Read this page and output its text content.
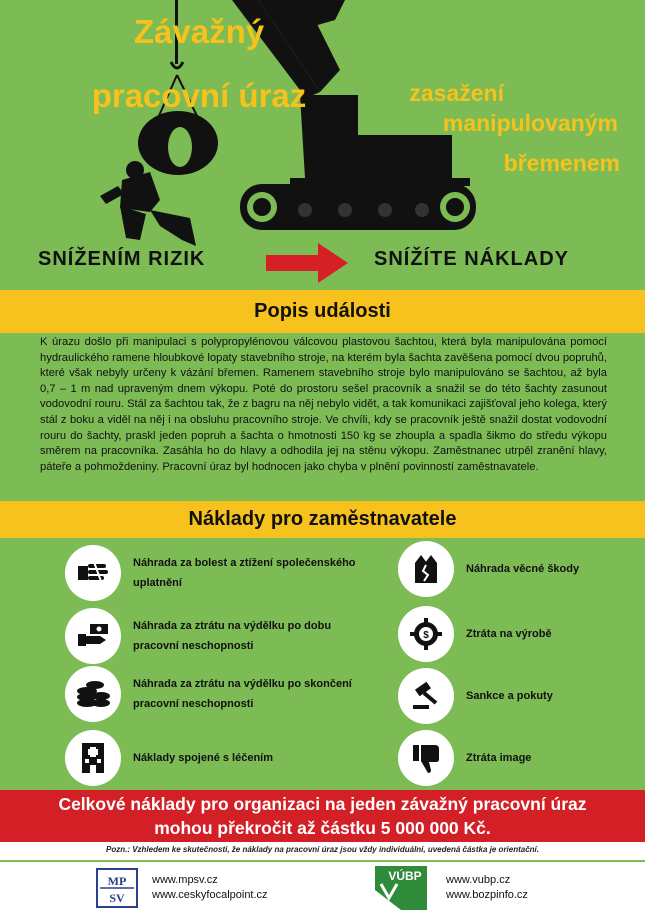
Závažný
pracovní úraz	zasažení
manipulovaným
břemenem
SNÍŽENÍM RIZIK	SNÍŽÍTE NÁKLADY
Popis události
K úrazu došlo při manipulaci s polypropylénovou válcovou plastovou šachtou, která byla manipulována pomocí hydraulického ramene hloubkové lopaty stavebního stroje, na kterém byla šachta zavěšena pomocí dvou popruhů, které však nebyly určeny k vázání břemen. Ramenem stavebního stroje bylo manipulováno se šachtou, až byla 0,7 – 1 m nad upraveným dnem výkopu. Poté do prostoru sešel pracovník a snažil se do této šachty zasunout vodovodní rouru. Stál za šachtou tak, že z bagru na něj nebylo vidět, a tak komunikaci zajišťoval jeho kolega, který stál z boku a viděl na něj i na obsluhu pracovního stroje. Ve chvíli, kdy se pracovník ještě snažil dostat vodovodní rouru do šachty, praskl jeden popruh a šachta o hmotnosti 150 kg se zhoupla a spadla šikmo do středu výkopu směrem na pracovníka. Zasáhla ho do hlavy a odhodila jej na stěnu výkopu. Zaměstnanec utrpěl zranění hlavy, páteře a pohmoždeniny. Pracovní úraz byl hodnocen jako chyba v plnění povinností zaměstnavatele.
Náklady pro zaměstnavatele
Náhrada za bolest a ztížení společenského
uplatnění
Náhrada za ztrátu na výdělku po dobu
pracovní neschopnosti
Náhrada za ztrátu na výdělku po skončení
pracovní neschopnosti
Náklady spojené s léčením
Náhrada věcné škody
$	Ztráta na výrobě
Sankce a pokuty
Ztráta image
Celkové náklady pro organizaci na jeden závažný pracovní úraz
mohou překročit až částku 5 000 000 Kč.
Pozn.: Vzhledem ke skutečnosti, že náklady na pracovní úraz jsou vždy individuální, uvedená částka je orientační.
MP
SV
www.mpsv.cz
www.ceskyfocalpoint.cz
VÚBP www.vubp.cz
www.bozpinfo.cz
